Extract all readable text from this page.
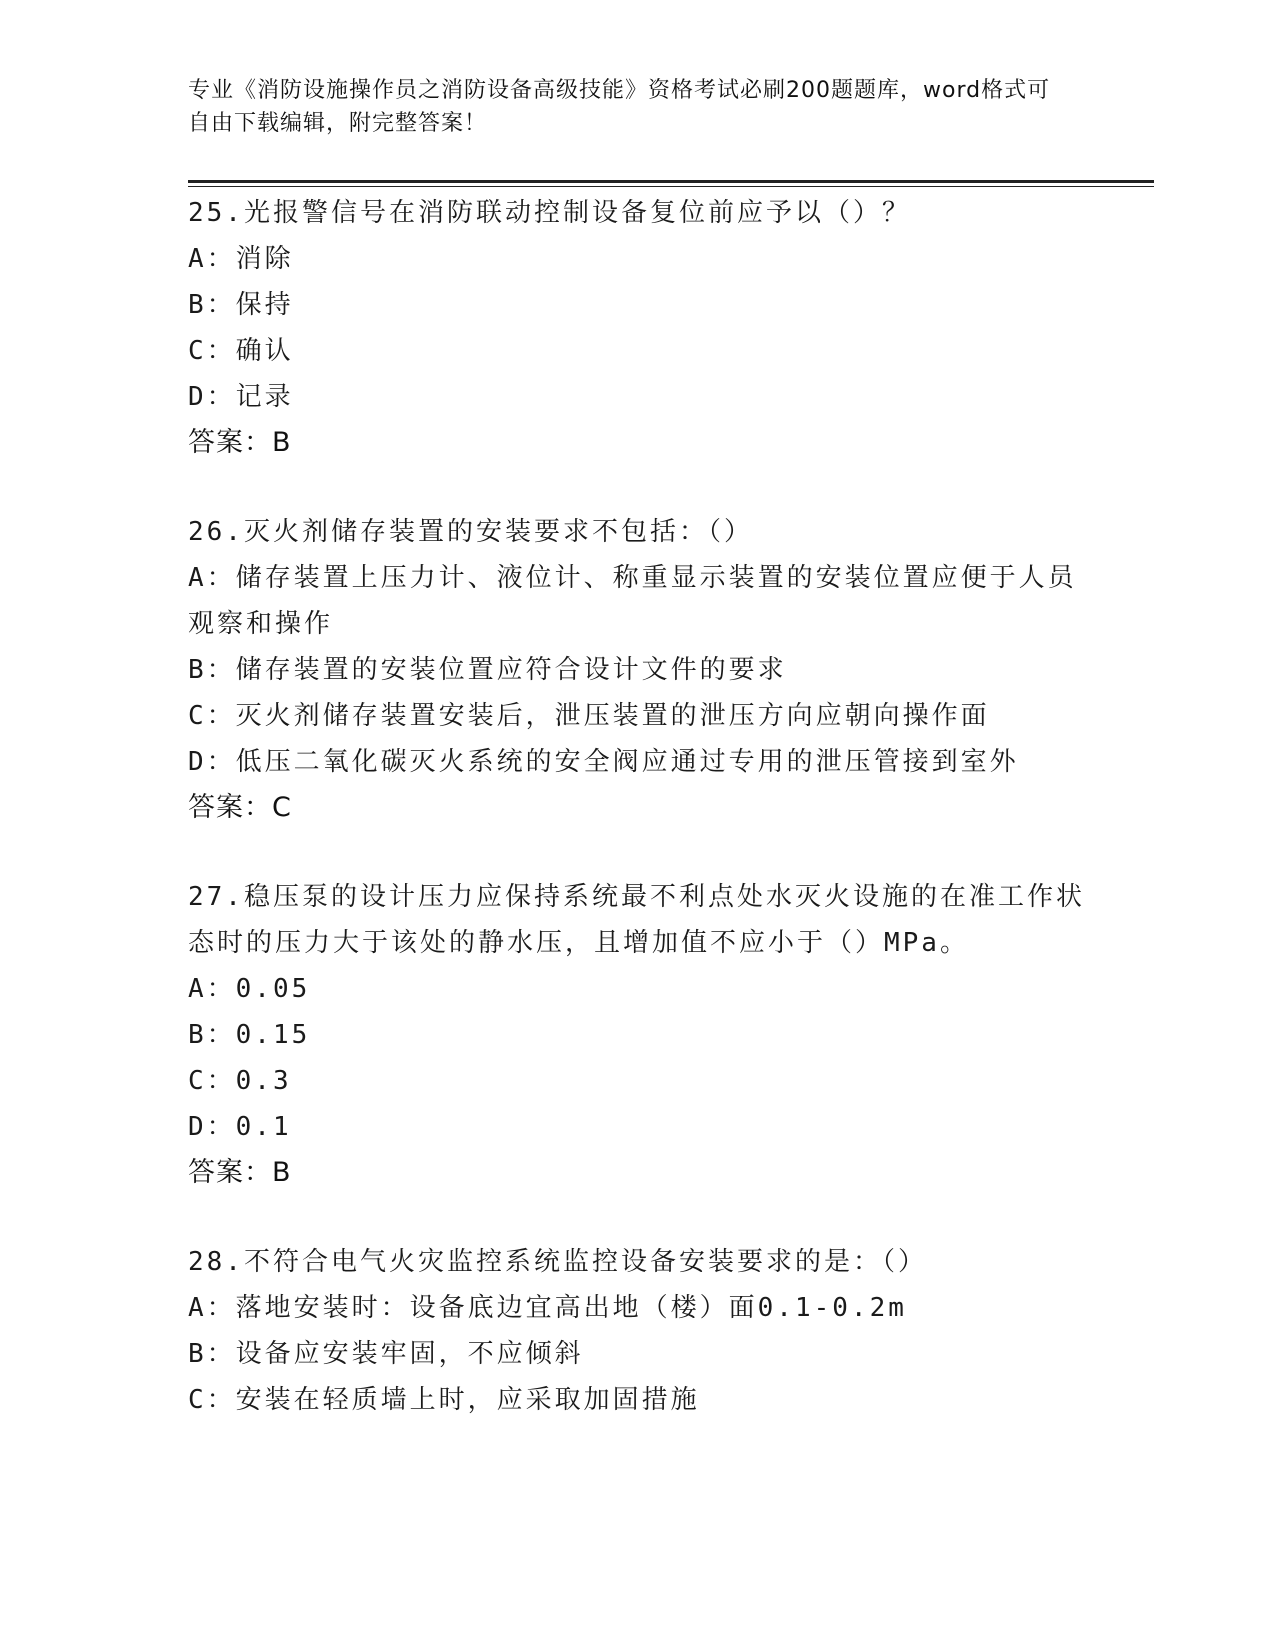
专业《消防设施操作员之消防设备高级技能》资格考试必刷200题题库，word格式可自由下载编辑，附完整答案！
25.光报警信号在消防联动控制设备复位前应予以（）？
A：消除
B：保持
C：确认
D：记录
答案：B
26.灭火剂储存装置的安装要求不包括：（）
A：储存装置上压力计、液位计、称重显示装置的安装位置应便于人员观察和操作
B：储存装置的安装位置应符合设计文件的要求
C：灭火剂储存装置安装后，泄压装置的泄压方向应朝向操作面
D：低压二氧化碳灭火系统的安全阀应通过专用的泄压管接到室外
答案：C
27.稳压泵的设计压力应保持系统最不利点处水灭火设施的在准工作状态时的压力大于该处的静水压，且增加值不应小于（）MPa。
A：0.05
B：0.15
C：0.3
D：0.1
答案：B
28.不符合电气火灾监控系统监控设备安装要求的是：（）
A：落地安装时：设备底边宜高出地（楼）面0.1-0.2m
B：设备应安装牢固，不应倾斜
C：安装在轻质墙上时，应采取加固措施
